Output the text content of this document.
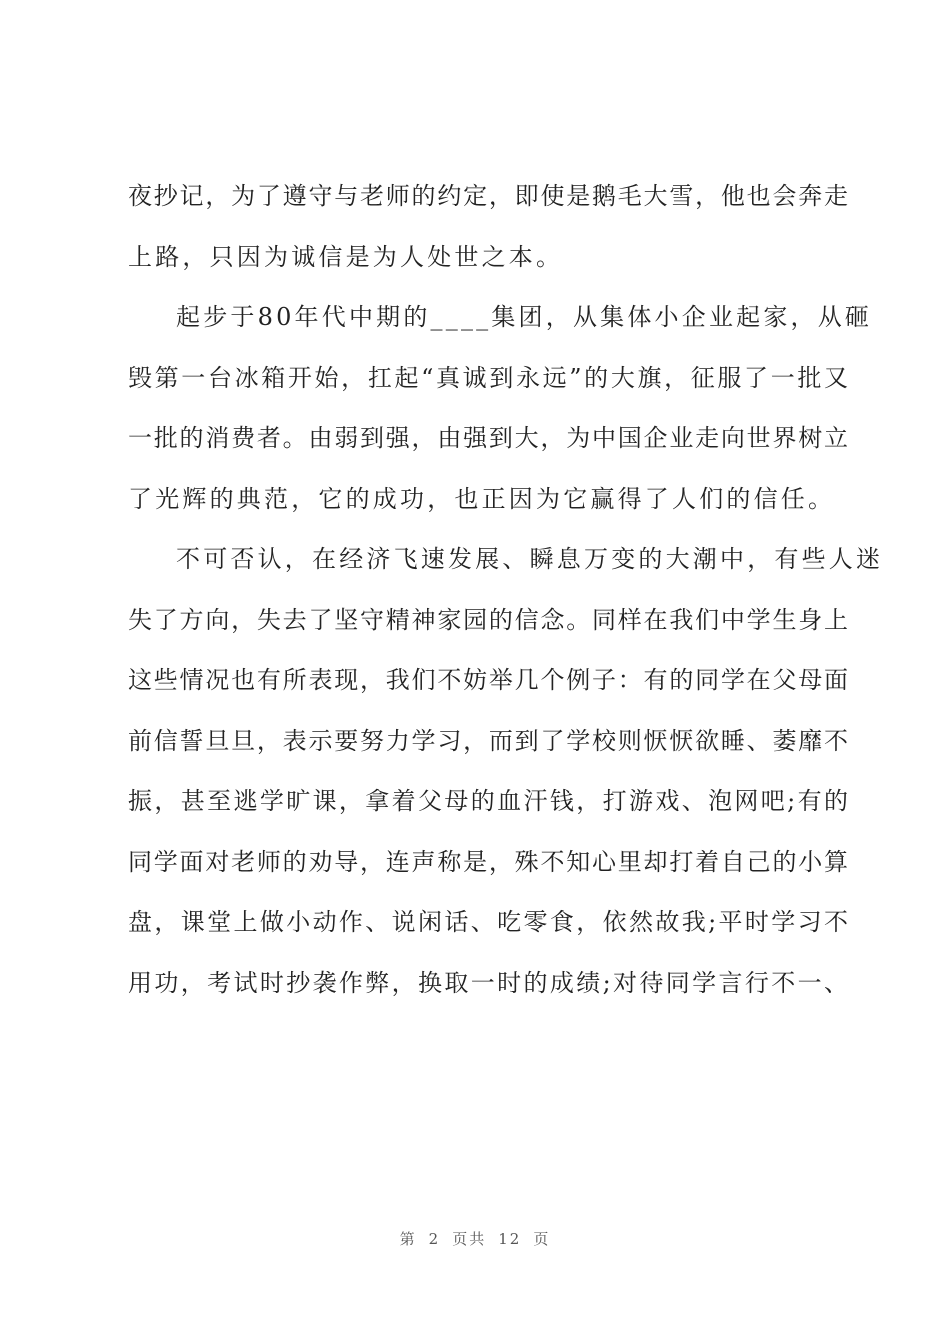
夜抄记，为了遵守与老师的约定，即使是鹅毛大雪，他也会奔走
上路，只因为诚信是为人处世之本。
起步于80年代中期的____集团，从集体小企业起家，从砸
毁第一台冰箱开始，扛起“真诚到永远”的大旗，征服了一批又
一批的消费者。由弱到强，由强到大，为中国企业走向世界树立
了光辉的典范，它的成功，也正因为它赢得了人们的信任。
不可否认，在经济飞速发展、瞬息万变的大潮中，有些人迷
失了方向，失去了坚守精神家园的信念。同样在我们中学生身上
这些情况也有所表现，我们不妨举几个例子：有的同学在父母面
前信誓旦旦，表示要努力学习，而到了学校则恹恹欲睡、萎靡不
振，甚至逃学旷课，拿着父母的血汗钱，打游戏、泡网吧;有的
同学面对老师的劝导，连声称是，殊不知心里却打着自己的小算
盘，课堂上做小动作、说闲话、吃零食，依然故我;平时学习不
用功，考试时抄袭作弊，换取一时的成绩;对待同学言行不一、
第 2 页共 12 页
